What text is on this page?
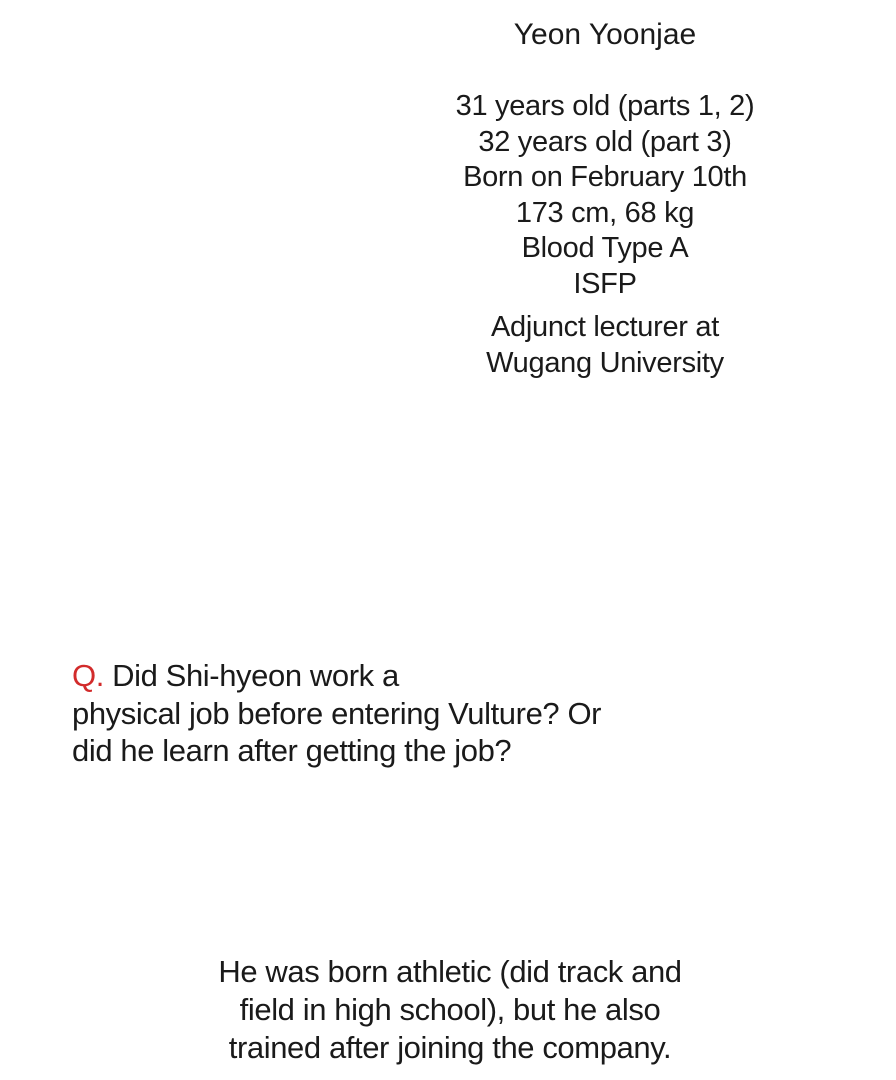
Yeon Yoonjae
31 years old (parts 1, 2)
32 years old (part 3)
Born on February 10th
173 cm, 68 kg
Blood Type A
ISFP
Adjunct lecturer at
Wugang University
Q. Did Shi-hyeon work a
physical job before entering Vulture? Or
did he learn after getting the job?
He was born athletic (did track and
field in high school), but he also
trained after joining the company.
